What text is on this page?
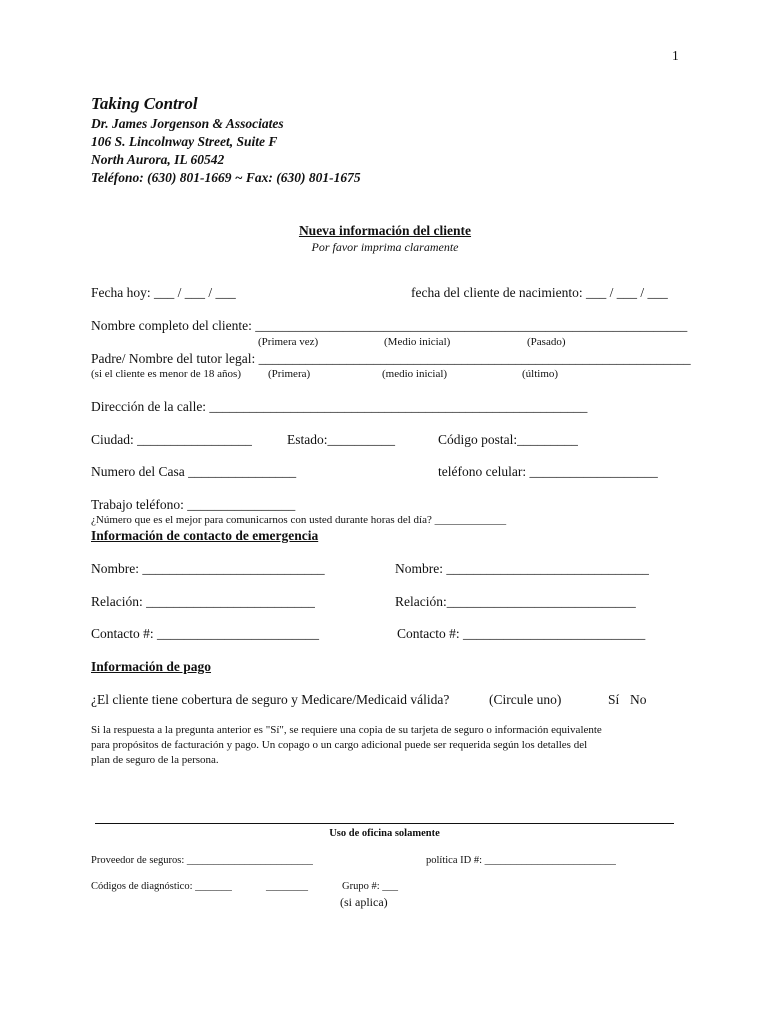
1
Taking Control
Dr. James Jorgenson & Associates
106 S. Lincolnway Street, Suite F
North Aurora, IL 60542
Teléfono: (630) 801-1669 ~ Fax: (630) 801-1675
Nueva información del cliente
Por favor imprima claramente
Fecha hoy: ___ / ___ / ___	fecha del cliente de nacimiento: ___ / ___ / ___
Nombre completo del cliente: ________________________________________________________________
(Primera vez)	(Medio inicial)	(Pasado)
Padre/ Nombre del tutor legal: ________________________________________________________________
(si el cliente es menor de 18 años) (Primera)	(medio inicial)	(último)
Dirección de la calle: ________________________________________________________
Ciudad: _________________	Estado:__________	Código postal:_________
Numero del Casa ________________	teléfono celular: ___________________
Trabajo teléfono: ________________
¿Número que es el mejor para comunicarnos con usted durante horas del día? _____________
Información de contacto de emergencia
Nombre: ___________________________	Nombre: ______________________________
Relación: _________________________	Relación:____________________________
Contacto #: ________________________	Contacto #: ___________________________
Información de pago
¿El cliente tiene cobertura de seguro y Medicare/Medicaid válida?	(Circule uno)	Sí No
Si la respuesta a la pregunta anterior es "Sí", se requiere una copia de su tarjeta de seguro o información equivalente
para propósitos de facturación y pago. Un copago o un cargo adicional puede ser requerida según los detalles del
plan de seguro de la persona.
Uso de oficina solamente
Proveedor de seguros: ________________________	política ID #: _________________________
Códigos de diagnóstico: _______	________	Grupo #: ___
(si aplica)
